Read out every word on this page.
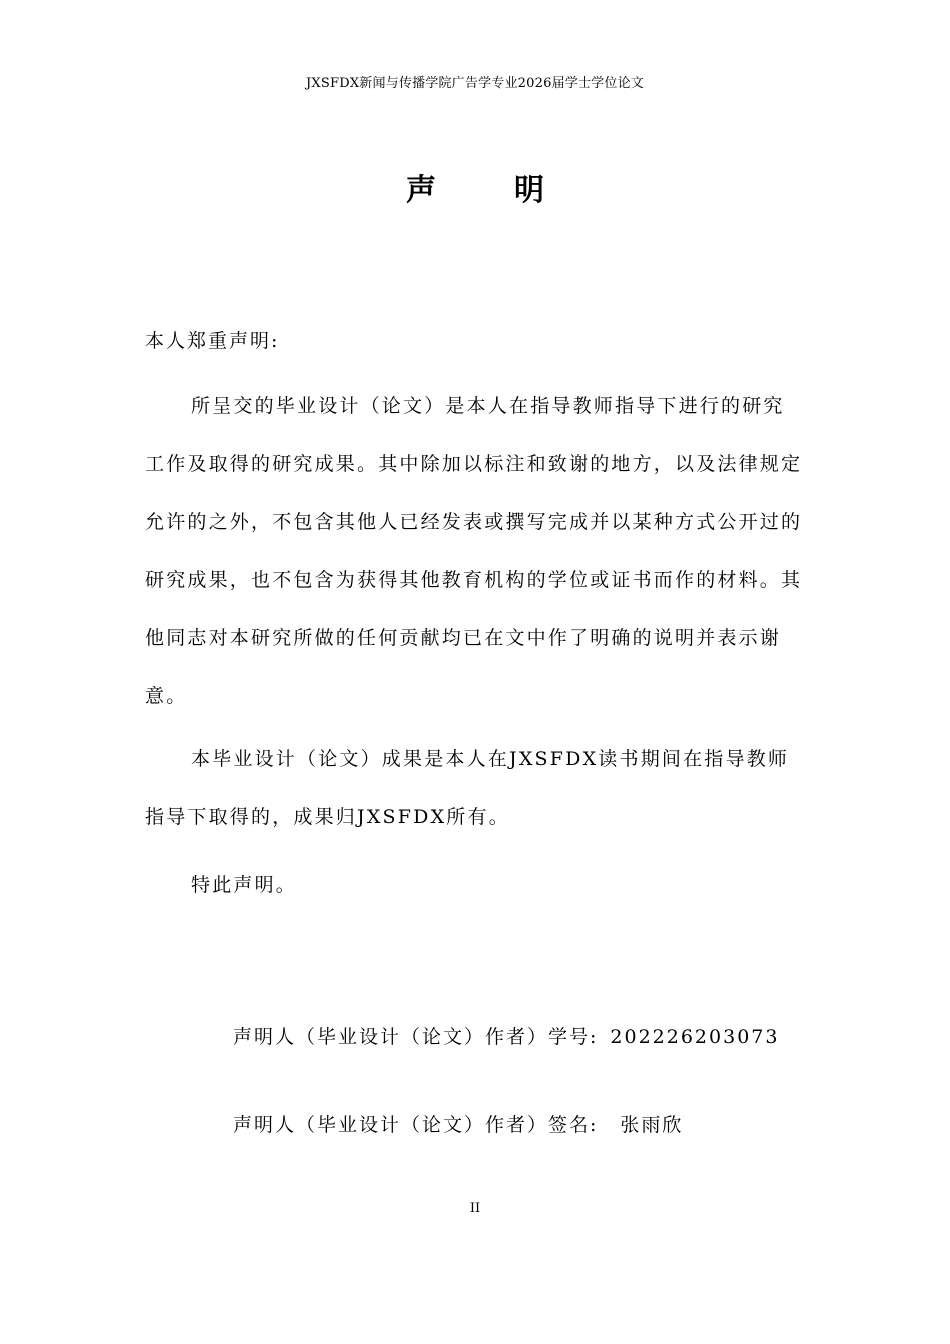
JXSFDX新闻与传播学院广告学专业2026届学士学位论文
声	明
本人郑重声明:

所呈交的毕业设计（论文）是本人在指导教师指导下进行的研究工作及取得的研究成果。其中除加以标注和致谢的地方，以及法律规定允许的之外，不包含其他人已经发表或撰写完成并以某种方式公开过的研究成果，也不包含为获得其他教育机构的学位或证书而作的材料。其他同志对本研究所做的任何贡献均已在文中作了明确的说明并表示谢意。

本毕业设计（论文）成果是本人在JXSFDX读书期间在指导教师指导下取得的，成果归JXSFDX所有。

特此声明。

声明人（毕业设计（论文）作者）学号: 202226203073
声明人（毕业设计（论文）作者）签名: 张雨欣
II
